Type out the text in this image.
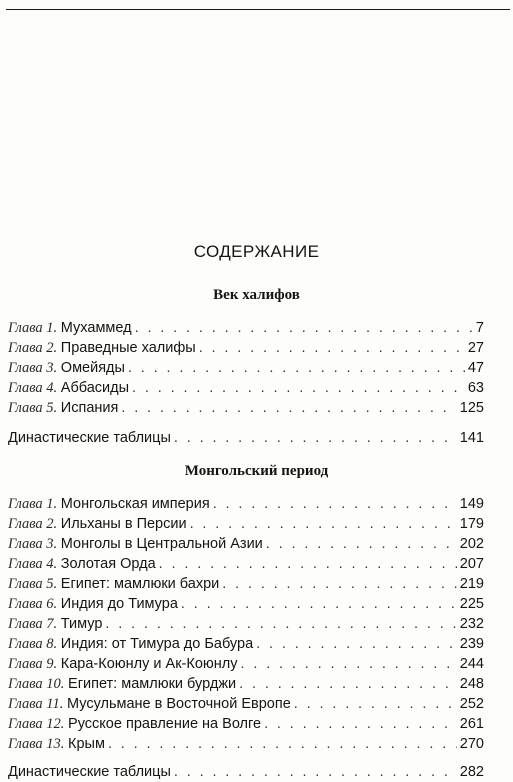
СОДЕРЖАНИЕ
Век халифов
Глава 1. Мухаммед . . .	7
Глава 2. Праведные халифы . . .	27
Глава 3. Омейяды . . .	47
Глава 4. Аббасиды . . .	63
Глава 5. Испания . . .	125
Династические таблицы . . .	141
Монгольский период
Глава 1. Монгольская империя . . .	149
Глава 2. Ильханы в Персии . . .	179
Глава 3. Монголы в Центральной Азии . . .	202
Глава 4. Золотая Орда . . .	207
Глава 5. Египет: мамлюки бахри . . .	219
Глава 6. Индия до Тимура . . .	225
Глава 7. Тимур . . .	232
Глава 8. Индия: от Тимура до Бабура . . .	239
Глава 9. Кара-Коюнлу и Ак-Коюнлу . . .	244
Глава 10. Египет: мамлюки бурджи . . .	248
Глава 11. Мусульмане в Восточной Европе . . .	252
Глава 12. Русское правление на Волге . . .	261
Глава 13. Крым . . .	270
Династические таблицы . . .	282
